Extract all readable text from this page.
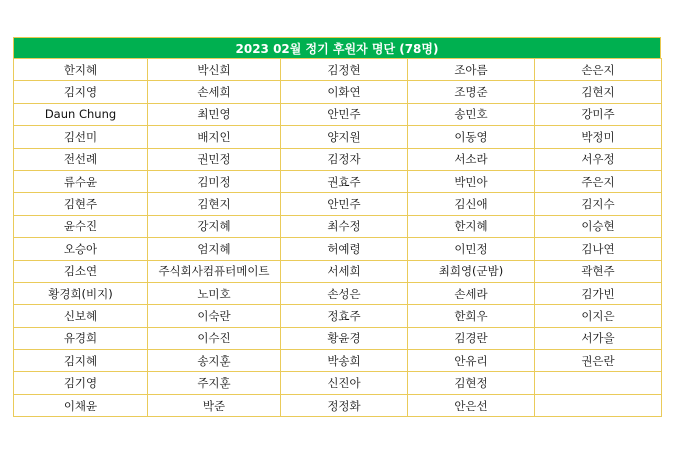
2023 02월 정기 후원자 명단 (78명)
한지혜	박신희	김정현	조아름	손은지
김지영	손세희	이화연	조명준	김현지
Daun Chung	최민영	안민주	송민호	강미주
김선미	배지인	양지원	이동영	박정미
전선례	권민정	김정자	서소라	서우정
류수윤	김미정	권효주	박민아	주은지
김현주	김현지	안민주	김신애	김지수
윤수진	강지혜	최수정	한지혜	이승현
오승아	엄지혜	허예령	이민정	김나연
김소연	주식회사컴퓨터메이트	서세희	최희영(군밤)	곽현주
황경희(비지)	노미호	손성은	손세라	김가빈
신보혜	이숙란	정효주	한희우	이지은
유경희	이수진	황윤경	김경란	서가을
김지혜	송지훈	박송희	안유리	권은란
김기영	주지훈	신진아	김현정	
이채윤	박준	정정화	안은선	
